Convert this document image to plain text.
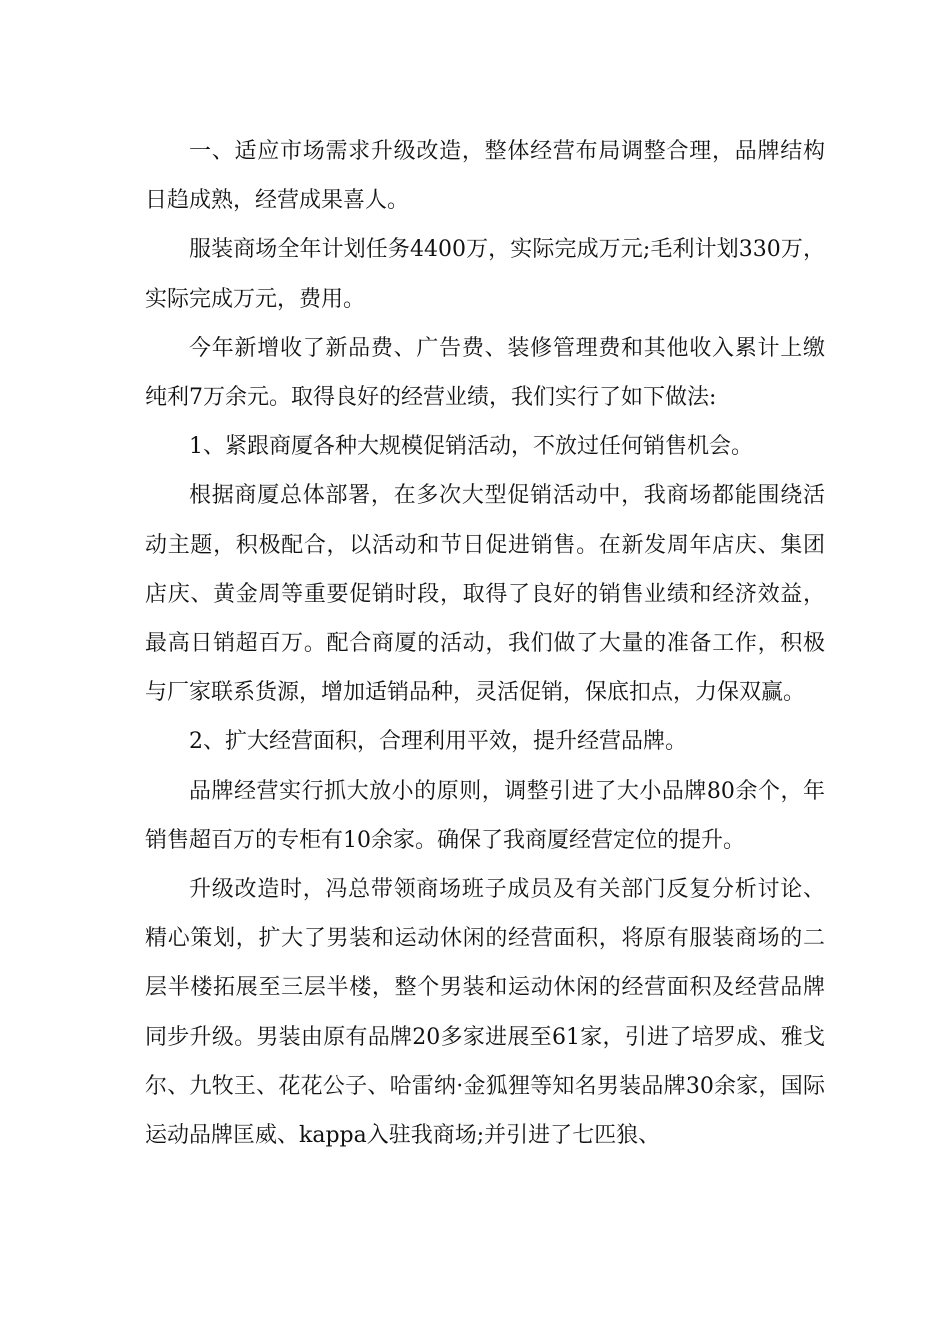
一、适应市场需求升级改造，整体经营布局调整合理，品牌结构日趋成熟，经营成果喜人。

服装商场全年计划任务4400万，实际完成万元;毛利计划330万，实际完成万元，费用。

今年新增收了新品费、广告费、装修管理费和其他收入累计上缴纯利7万余元。取得良好的经营业绩，我们实行了如下做法:

1、紧跟商厦各种大规模促销活动，不放过任何销售机会。

根据商厦总体部署，在多次大型促销活动中，我商场都能围绕活动主题，积极配合，以活动和节日促进销售。在新发周年店庆、集团店庆、黄金周等重要促销时段，取得了良好的销售业绩和经济效益，最高日销超百万。配合商厦的活动，我们做了大量的准备工作，积极与厂家联系货源，增加适销品种，灵活促销，保底扣点，力保双赢。

2、扩大经营面积，合理利用平效，提升经营品牌。

品牌经营实行抓大放小的原则，调整引进了大小品牌80余个，年销售超百万的专柜有10余家。确保了我商厦经营定位的提升。

升级改造时，冯总带领商场班子成员及有关部门反复分析讨论、精心策划，扩大了男装和运动休闲的经营面积，将原有服装商场的二层半楼拓展至三层半楼，整个男装和运动休闲的经营面积及经营品牌同步升级。男装由原有品牌20多家进展至61家，引进了培罗成、雅戈尔、九牧王、花花公子、哈雷纳·金狐狸等知名男装品牌30余家，国际运动品牌匡威、kappa入驻我商场;并引进了七匹狼、
